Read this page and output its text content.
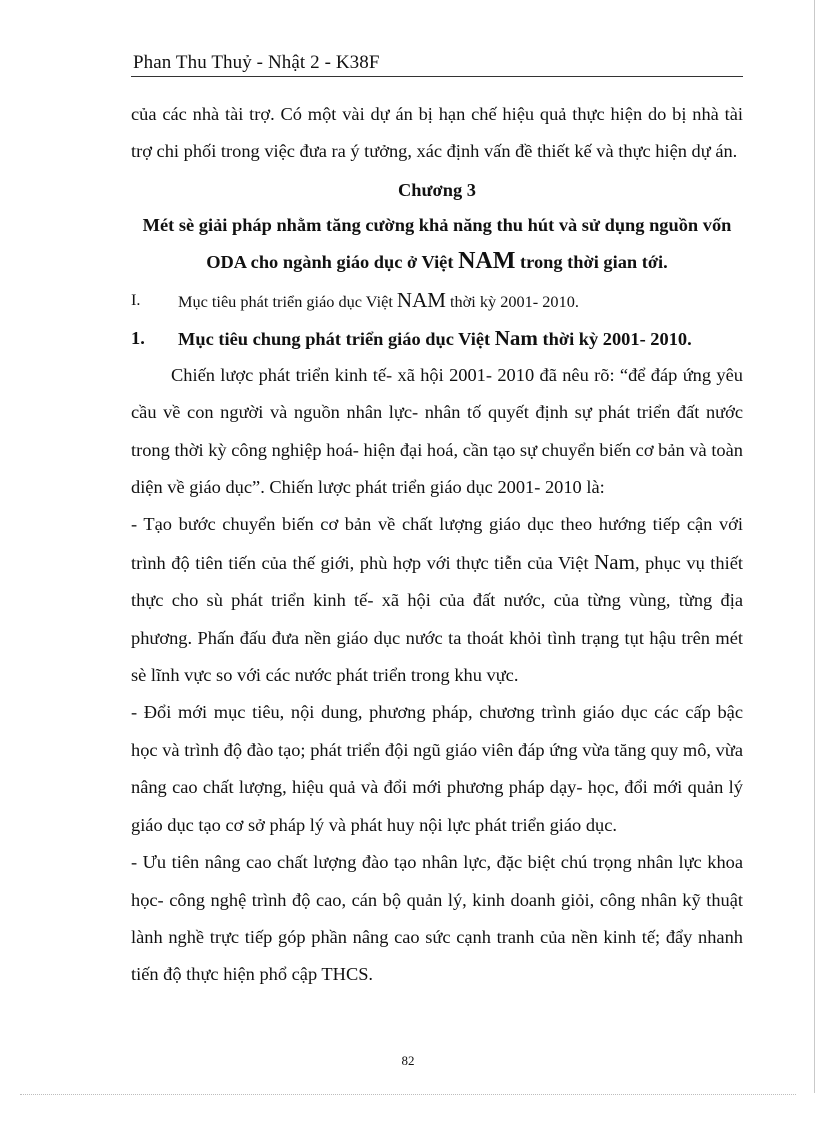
Phan Thu Thuỷ - Nhật 2 - K38F

của các nhà tài trợ. Có một vài dự án bị hạn chế hiệu quả thực hiện do bị nhà tài trợ chi phối trong việc đưa ra ý tưởng, xác định vấn đề thiết kế và thực hiện dự án.

Chương 3

Mét sè giải pháp nhằm tăng cường khả năng thu hút và sử dụng nguồn vốn ODA cho ngành giáo dục ở Việt NAM trong thời gian tới.

I.	Mục tiêu phát triển giáo dục Việt NAM thời kỳ 2001- 2010.
1.	Mục tiêu chung phát triển giáo dục Việt Nam thời kỳ 2001- 2010.

Chiến lược phát triển kinh tế- xã hội 2001- 2010 đã nêu rõ: “để đáp ứng yêu cầu về con người và nguồn nhân lực- nhân tố quyết định sự phát triển đất nước trong thời kỳ công nghiệp hoá- hiện đại hoá, cần tạo sự chuyển biến cơ bản và toàn diện về giáo dục”. Chiến lược phát triển giáo dục 2001- 2010 là:

- Tạo bước chuyển biến cơ bản về chất lượng giáo dục theo hướng tiếp cận với trình độ tiên tiến của thế giới, phù hợp với thực tiễn của Việt Nam, phục vụ thiết thực cho sù phát triển kinh tế- xã hội của đất nước, của từng vùng, từng địa phương. Phấn đấu đưa nền giáo dục nước ta thoát khỏi tình trạng tụt hậu trên mét sè lĩnh vực so với các nước phát triển trong khu vực.

- Đổi mới mục tiêu, nội dung, phương pháp, chương trình giáo dục các cấp bậc học và trình độ đào tạo; phát triển đội ngũ giáo viên đáp ứng vừa tăng quy mô, vừa nâng cao chất lượng, hiệu quả và đổi mới phương pháp dạy- học, đổi mới quản lý giáo dục tạo cơ sở pháp lý và phát huy nội lực phát triển giáo dục.

- Ưu tiên nâng cao chất lượng đào tạo nhân lực, đặc biệt chú trọng nhân lực khoa học- công nghệ trình độ cao, cán bộ quản lý, kinh doanh giỏi, công nhân kỹ thuật lành nghề trực tiếp góp phần nâng cao sức cạnh tranh của nền kinh tế; đẩy nhanh tiến độ thực hiện phổ cập THCS.

82
